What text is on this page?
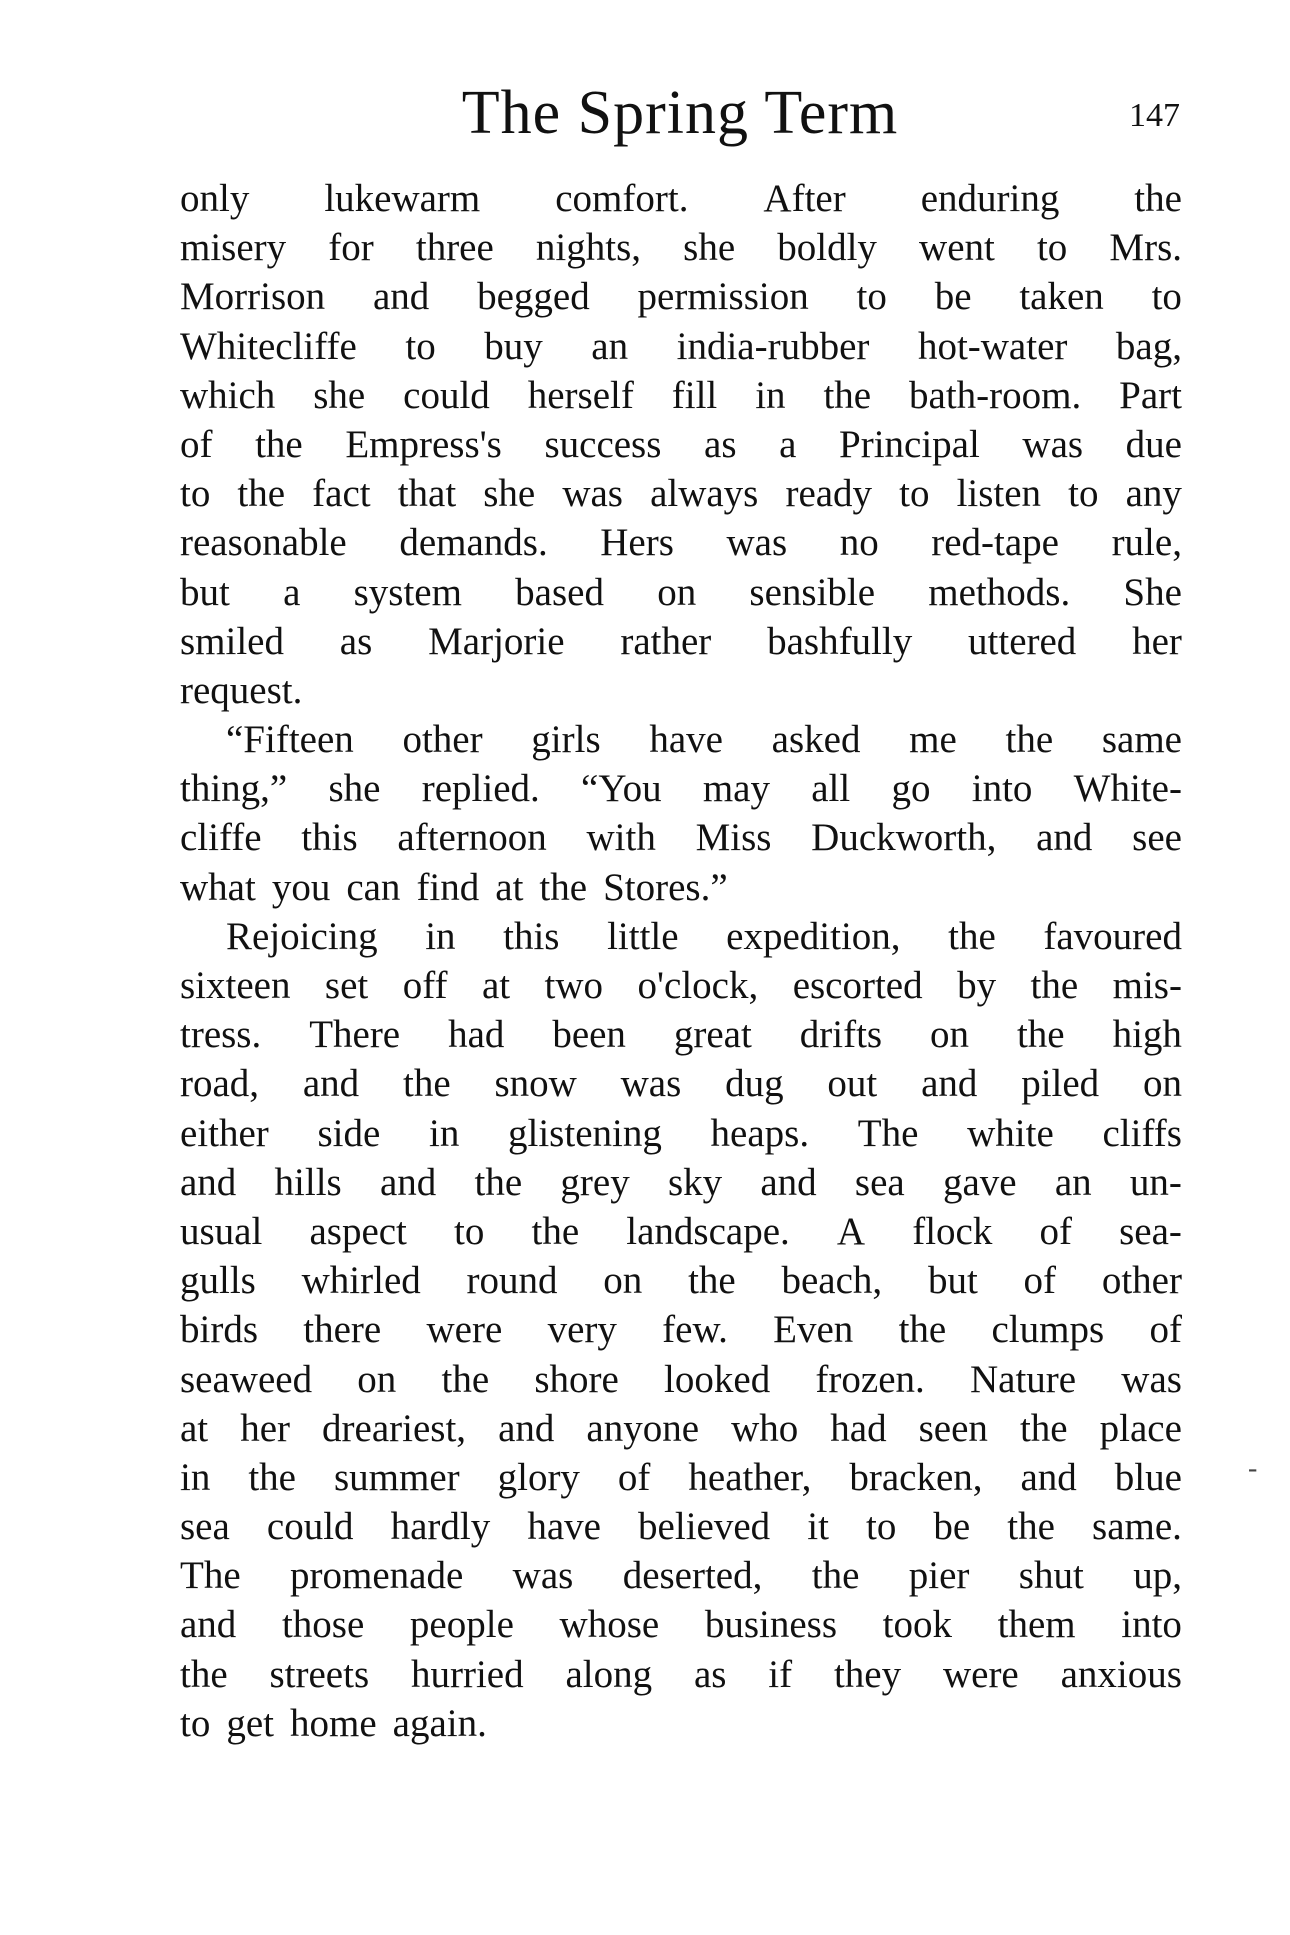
The Spring Term	147
only lukewarm comfort. After enduring the
misery for three nights, she boldly went to Mrs.
Morrison and begged permission to be taken to
Whitecliffe to buy an india-rubber hot-water bag,
which she could herself fill in the bath-room. Part
of the Empress's success as a Principal was due
to the fact that she was always ready to listen to any
reasonable demands. Hers was no red-tape rule,
but a system based on sensible methods. She
smiled as Marjorie rather bashfully uttered her
request.
“Fifteen other girls have asked me the same
thing,” she replied. “You may all go into White-
cliffe this afternoon with Miss Duckworth, and see
what you can find at the Stores.”
Rejoicing in this little expedition, the favoured
sixteen set off at two o'clock, escorted by the mis-
tress. There had been great drifts on the high
road, and the snow was dug out and piled on
either side in glistening heaps. The white cliffs
and hills and the grey sky and sea gave an un-
usual aspect to the landscape. A flock of sea-
gulls whirled round on the beach, but of other
birds there were very few. Even the clumps of
seaweed on the shore looked frozen. Nature was
at her dreariest, and anyone who had seen the place
in the summer glory of heather, bracken, and blue
sea could hardly have believed it to be the same.
The promenade was deserted, the pier shut up,
and those people whose business took them into
the streets hurried along as if they were anxious
to get home again.
-
